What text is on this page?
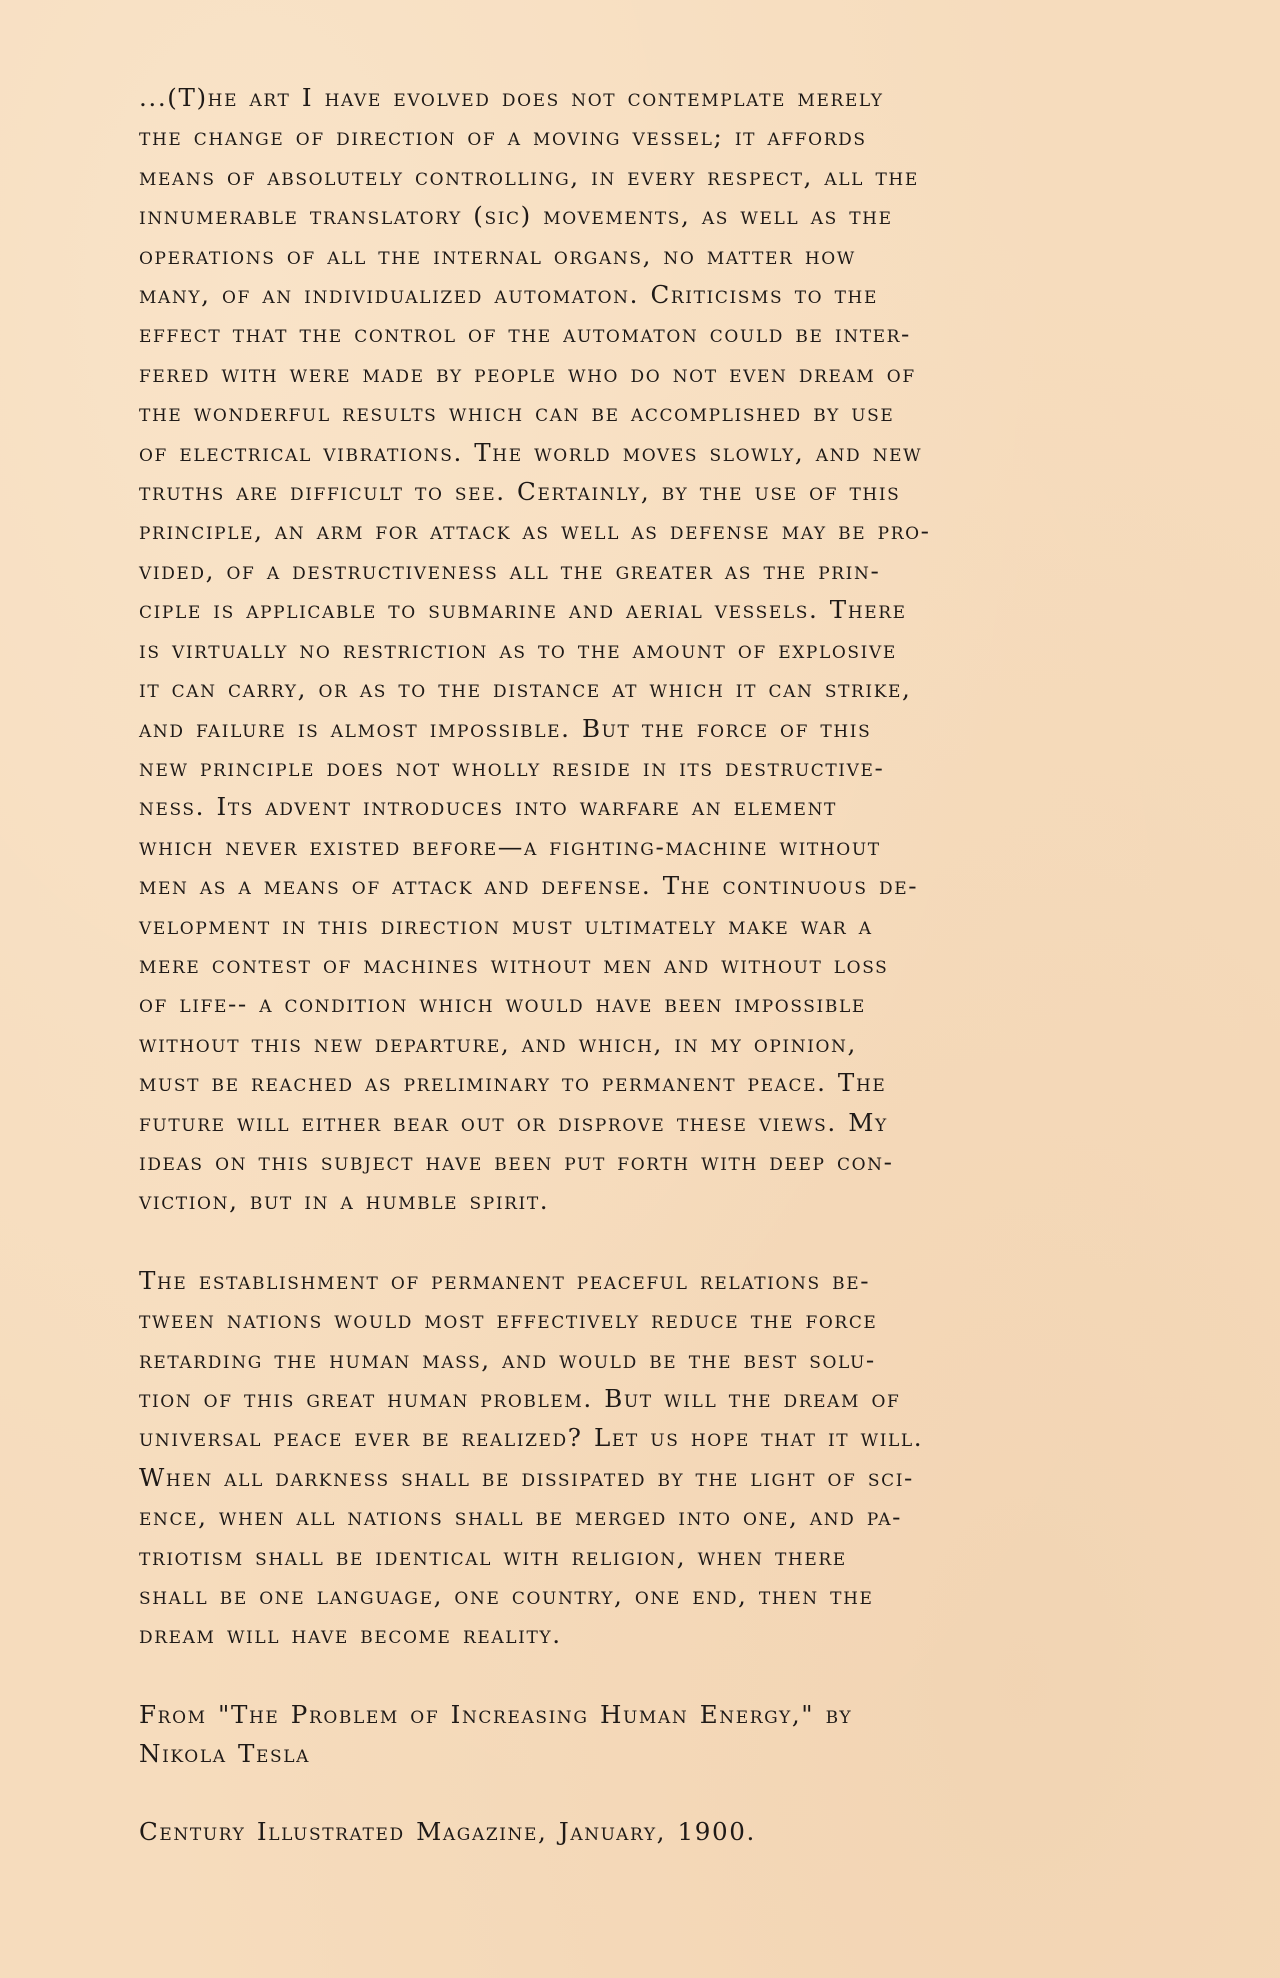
...(T)he art I have evolved does not contemplate merely
the change of direction of a moving vessel; it affords
means of absolutely controlling, in every respect, all the
innumerable translatory (sic) movements, as well as the
operations of all the internal organs, no matter how
many, of an individualized automaton. Criticisms to the
effect that the control of the automaton could be inter-
fered with were made by people who do not even dream of
the wonderful results which can be accomplished by use
of electrical vibrations. The world moves slowly, and new
truths are difficult to see. Certainly, by the use of this
principle, an arm for attack as well as defense may be pro-
vided, of a destructiveness all the greater as the prin-
ciple is applicable to submarine and aerial vessels. There
is virtually no restriction as to the amount of explosive
it can carry, or as to the distance at which it can strike,
and failure is almost impossible. But the force of this
new principle does not wholly reside in its destructive-
ness. Its advent introduces into warfare an element
which never existed before—a fighting-machine without
men as a means of attack and defense. The continuous de-
velopment in this direction must ultimately make war a
mere contest of machines without men and without loss
of life-- a condition which would have been impossible
without this new departure, and which, in my opinion,
must be reached as preliminary to permanent peace. The
future will either bear out or disprove these views. My
ideas on this subject have been put forth with deep con-
viction, but in a humble spirit.
The establishment of permanent peaceful relations be-
tween nations would most effectively reduce the force
retarding the human mass, and would be the best solu-
tion of this great human problem. But will the dream of
universal peace ever be realized? Let us hope that it will.
When all darkness shall be dissipated by the light of sci-
ence, when all nations shall be merged into one, and pa-
triotism shall be identical with religion, when there
shall be one language, one country, one end, then the
dream will have become reality.
From "The Problem of Increasing Human Energy," by
Nikola Tesla
Century Illustrated Magazine, January, 1900.
